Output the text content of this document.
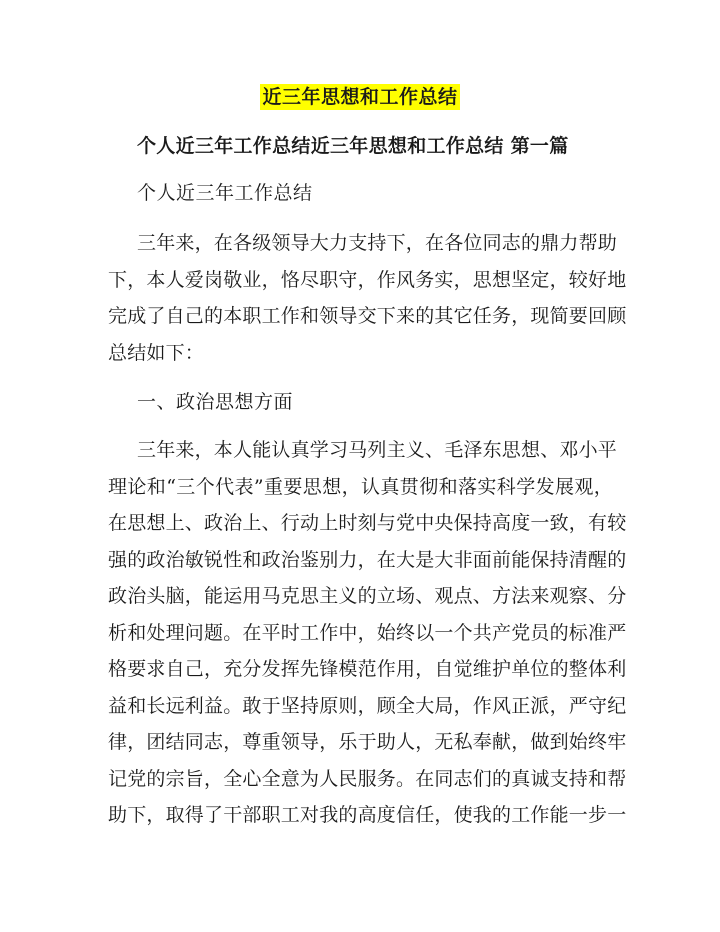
近三年思想和工作总结
个人近三年工作总结近三年思想和工作总结 第一篇
个人近三年工作总结
三年来，在各级领导大力支持下，在各位同志的鼎力帮助
下，本人爱岗敬业，恪尽职守，作风务实，思想坚定，较好地
完成了自己的本职工作和领导交下来的其它任务，现简要回顾
总结如下：
一、政治思想方面
三年来，本人能认真学习马列主义、毛泽东思想、邓小平
理论和“三个代表”重要思想，认真贯彻和落实科学发展观，
在思想上、政治上、行动上时刻与党中央保持高度一致，有较
强的政治敏锐性和政治鉴别力，在大是大非面前能保持清醒的
政治头脑，能运用马克思主义的立场、观点、方法来观察、分
析和处理问题。在平时工作中，始终以一个共产党员的标准严
格要求自己，充分发挥先锋模范作用，自觉维护单位的整体利
益和长远利益。敢于坚持原则，顾全大局，作风正派，严守纪
律，团结同志，尊重领导，乐于助人，无私奉献，做到始终牢
记党的宗旨，全心全意为人民服务。在同志们的真诚支持和帮
助下，取得了干部职工对我的高度信任，使我的工作能一步一
